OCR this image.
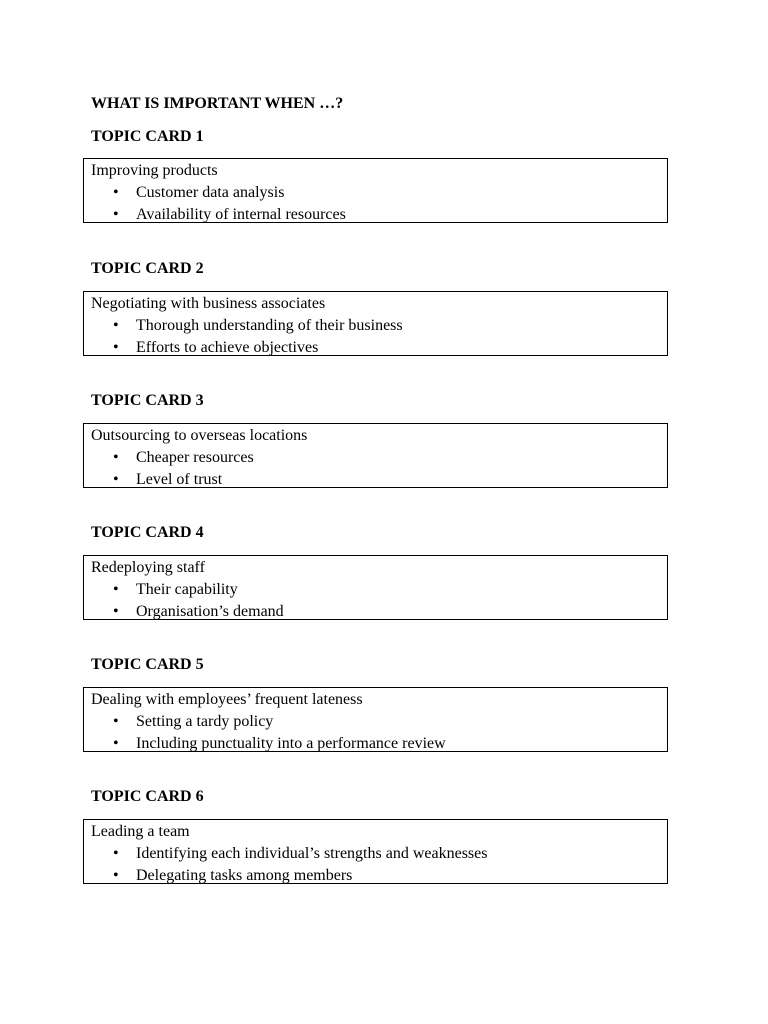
WHAT IS IMPORTANT WHEN …?
TOPIC CARD 1

Improving products

• Customer data analysis
• Availability of internal resources
TOPIC CARD 2

Negotiating with business associates

• Thorough understanding of their business
• Efforts to achieve objectives
TOPIC CARD 3

Outsourcing to overseas locations

• Cheaper resources
• Level of trust
TOPIC CARD 4

Redeploying staff

• Their capability
• Organisation’s demand
TOPIC CARD 5

Dealing with employees’ frequent lateness

• Setting a tardy policy
• Including punctuality into a performance review
TOPIC CARD 6

Leading a team

• Identifying each individual’s strengths and weaknesses
• Delegating tasks among members
